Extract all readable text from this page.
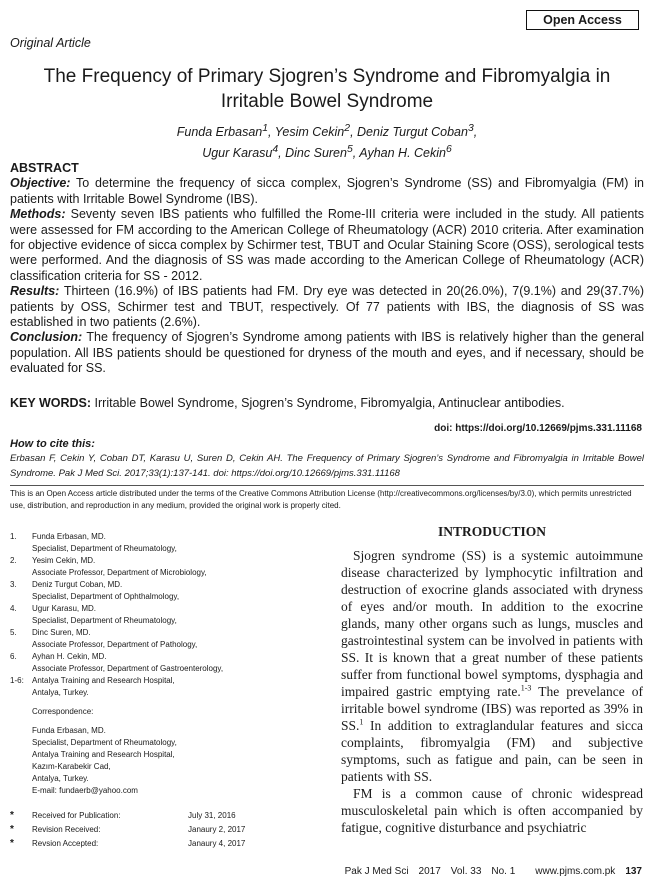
Open Access
Original Article
The Frequency of Primary Sjogren’s Syndrome and Fibromyalgia in Irritable Bowel Syndrome
Funda Erbasan$^1$, Yesim Cekin$^2$, Deniz Turgut Coban$^3$,
Ugur Karasu$^4$, Dinc Suren$^5$, Ayhan H. Cekin$^6$

ABSTRACT

Objective: To determine the frequency of sicca complex, Sjogren’s Syndrome (SS) and Fibromyalgia (FM) in patients with Irritable Bowel Syndrome (IBS).

Methods: Seventy seven IBS patients who fulfilled the Rome-III criteria were included in the study. All patients were assessed for FM according to the American College of Rheumatology (ACR) 2010 criteria. After examination for objective evidence of sicca complex by Schirmer test, TBUT and Ocular Staining Score (OSS), serological tests were performed. And the diagnosis of SS was made according to the American College of Rheumatology (ACR) classification criteria for SS - 2012.

Results: Thirteen (16.9%) of IBS patients had FM. Dry eye was detected in 20(26.0%), 7(9.1%) and 29(37.7%) patients by OSS, Schirmer test and TBUT, respectively. Of 77 patients with IBS, the diagnosis of SS was established in two patients (2.6%).

Conclusion: The frequency of Sjogren’s Syndrome among patients with IBS is relatively higher than the general population. All IBS patients should be questioned for dryness of the mouth and eyes, and if necessary, should be evaluated for SS.

KEY WORDS: Irritable Bowel Syndrome, Sjogren’s Syndrome, Fibromyalgia, Antinuclear antibodies.
doi: https://doi.org/10.12669/pjms.331.11168
How to cite this:
Erbasan F, Cekin Y, Coban DT, Karasu U, Suren D, Cekin AH. The Frequency of Primary Sjogren’s Syndrome and Fibromyalgia in Irritable Bowel Syndrome. Pak J Med Sci. 2017;33(1):137-141. doi: https://doi.org/10.12669/pjms.331.11168
This is an Open Access article distributed under the terms of the Creative Commons Attribution License (http://creativecommons.org/licenses/by/3.0), which permits unrestricted use, distribution, and reproduction in any medium, provided the original work is properly cited.
1.	Funda Erbasan, MD.
Specialist, Department of Rheumatology,
2.	Yesim Cekin, MD.
Associate Professor, Department of Microbiology,
3.	Deniz Turgut Coban, MD.
Specialist, Department of Ophthalmology,
4.	Ugur Karasu, MD.
Specialist, Department of Rheumatology,
5.	Dinc Suren, MD.
Associate Professor, Department of Pathology,
6.	Ayhan H. Cekin, MD.
Associate Professor, Department of Gastroenterology,
1-6:	Antalya Training and Research Hospital,
Antalya, Turkey.
Correspondence:
Funda Erbasan, MD.
Specialist, Department of Rheumatology,
Antalya Training and Research Hospital,
Kazım-Karabekir Cad,
Antalya, Turkey.
E-mail: fundaerb@yahoo.com
*	Received for Publication:	July 31, 2016
*	Revision Received:	Janaury 2, 2017
*	Revsion Accepted:	Janaury 4, 2017
INTRODUCTION

Sjogren syndrome (SS) is a systemic autoimmune disease characterized by lymphocytic infiltration and destruction of exocrine glands associated with dryness of eyes and/or mouth. In addition to the exocrine glands, many other organs such as lungs, muscles and gastrointestinal system can be involved in patients with SS. It is known that a great number of these patients suffer from functional bowel symptoms, dysphagia and impaired gastric emptying rate.$^{1-3}$ The prevelance of irritable bowel syndrome (IBS) was reported as 39% in SS.$^1$ In addition to extraglandular features and sicca complaints, fibromyalgia (FM) and subjective symptoms, such as fatigue and pain, can be seen in patients with SS.

FM is a common cause of chronic widespread musculoskeletal pain which is often accompanied by fatigue, cognitive disturbance and psychiatric

Pak J Med Sci 2017 Vol. 33 No. 1 www.pjms.com.pk 137
